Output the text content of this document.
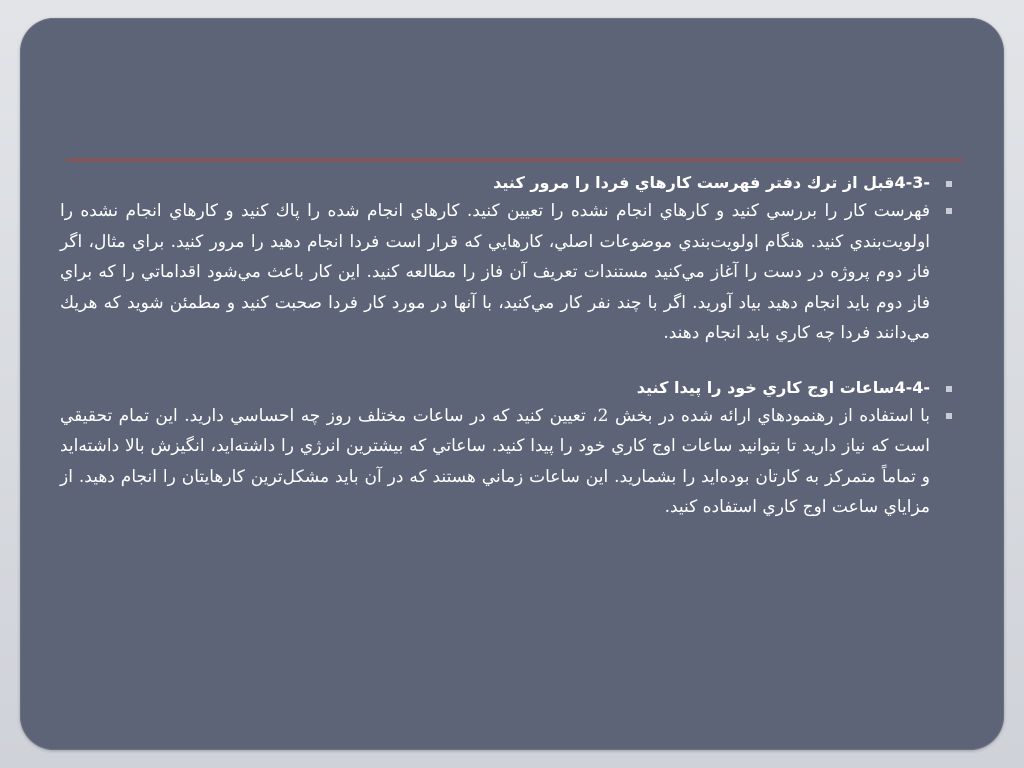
-4-3قبل از ترك دفتر فهرست كارهاي فردا را مرور كنيد
فهرست كار را بررسي كنيد و كارهاي انجام نشده را تعيين كنيد. كارهاي انجام شده را پاك كنيد و كارهاي انجام نشده را اولويت‌بندي كنيد. هنگام اولويت‌بندي موضوعات اصلي، كارهايي كه قرار است فردا انجام دهيد را مرور كنيد. براي مثال، اگر فاز دوم پروژه در دست را آغاز مي‌كنيد مستندات تعريف آن فاز را مطالعه كنيد. اين كار باعث مي‌شود اقداماتي را كه براي فاز دوم بايد انجام دهيد بياد آوريد. اگر با چند نفر كار مي‌كنيد، با آنها در مورد كار فردا صحبت كنيد و مطمئن شويد كه هريك مي‌دانند فردا چه كاري بايد انجام دهند.
-4-4ساعات اوج كاري خود را پيدا كنيد
با استفاده از رهنمودهاي ارائه شده در بخش 2، تعيين كنيد كه در ساعات مختلف روز چه احساسي داريد. اين تمام تحقيقي است كه نياز داريد تا بتوانيد ساعات اوج كاري خود را پيدا كنيد. ساعاتي كه بيشترين انرژي را داشته‌ايد، انگيزش بالا داشته‌ايد و تماماً متمركز به كارتان بوده‌ايد را بشماريد. اين ساعات زماني هستند كه در آن بايد مشكل‌ترين كارهايتان را انجام دهيد. از مزاياي ساعت اوج كاري استفاده كنيد.
